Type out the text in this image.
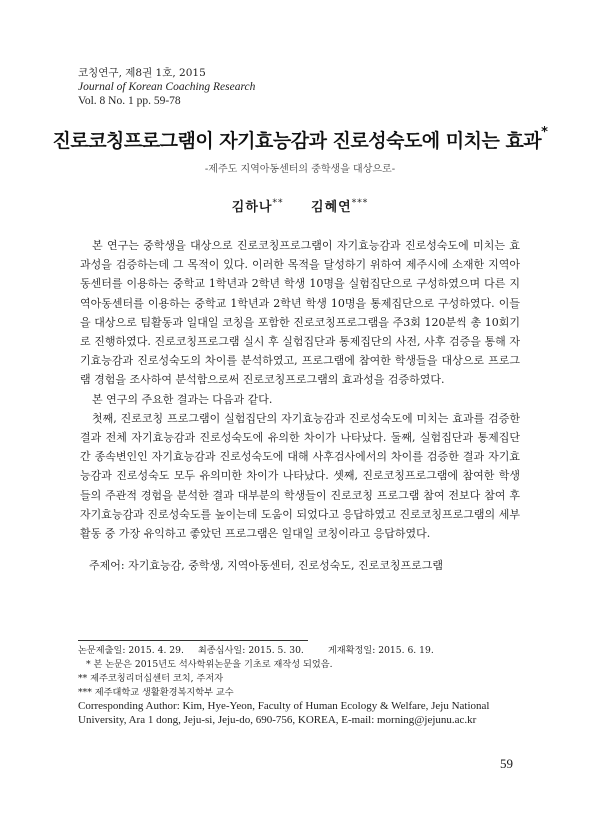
코칭연구, 제8권 1호, 2015
Journal of Korean Coaching Research
Vol. 8 No. 1 pp. 59-78
진로코칭프로그램이 자기효능감과 진로성숙도에 미치는 효과*
-제주도 지역아동센터의 중학생을 대상으로-
김하나** 김혜연***

본 연구는 중학생을 대상으로 진로코칭프로그램이 자기효능감과 진로성숙도에 미치는 효과성을 검증하는데 그 목적이 있다. 이러한 목적을 달성하기 위하여 제주시에 소재한 지역아동센터를 이용하는 중학교 1학년과 2학년 학생 10명을 실험집단으로 구성하였으며 다른 지역아동센터를 이용하는 중학교 1학년과 2학년 학생 10명을 통제집단으로 구성하였다. 이들을 대상으로 팀활동과 일대일 코칭을 포함한 진로코칭프로그램을 주3회 120분씩 총 10회기로 진행하였다. 진로코칭프로그램 실시 후 실험집단과 통제집단의 사전, 사후 검증을 통해 자기효능감과 진로성숙도의 차이를 분석하였고, 프로그램에 참여한 학생들을 대상으로 프로그램 경험을 조사하여 분석함으로써 진로코칭프로그램의 효과성을 검증하였다.

본 연구의 주요한 결과는 다음과 같다.

첫째, 진로코칭 프로그램이 실험집단의 자기효능감과 진로성숙도에 미치는 효과를 검증한 결과 전체 자기효능감과 진로성숙도에 유의한 차이가 나타났다. 둘째, 실험집단과 통제집단 간 종속변인인 자기효능감과 진로성숙도에 대해 사후검사에서의 차이를 검증한 결과 자기효능감과 진로성숙도 모두 유의미한 차이가 나타났다. 셋째, 진로코칭프로그램에 참여한 학생들의 주관적 경험을 분석한 결과 대부분의 학생들이 진로코칭 프로그램 참여 전보다 참여 후 자기효능감과 진로성숙도를 높이는데 도움이 되었다고 응답하였고 진로코칭프로그램의 세부 활동 중 가장 유익하고 좋았던 프로그램은 일대일 코칭이라고 응답하였다.

주제어: 자기효능감, 중학생, 지역아동센터, 진로성숙도, 진로코칭프로그램
논문제출일: 2015. 4. 29. 최종심사일: 2015. 5. 30.	게재확정일: 2015. 6. 19.
* 본 논문은 2015년도 석사학위논문을 기초로 재작성 되었음.
** 제주코칭리더십센터 코치, 주저자
*** 제주대학교 생활환경복지학부 교수
Corresponding Author: Kim, Hye-Yeon, Faculty of Human Ecology & Welfare, Jeju National University, Ara 1 dong, Jeju-si, Jeju-do, 690-756, KOREA, E-mail: morning@jejunu.ac.kr
59
